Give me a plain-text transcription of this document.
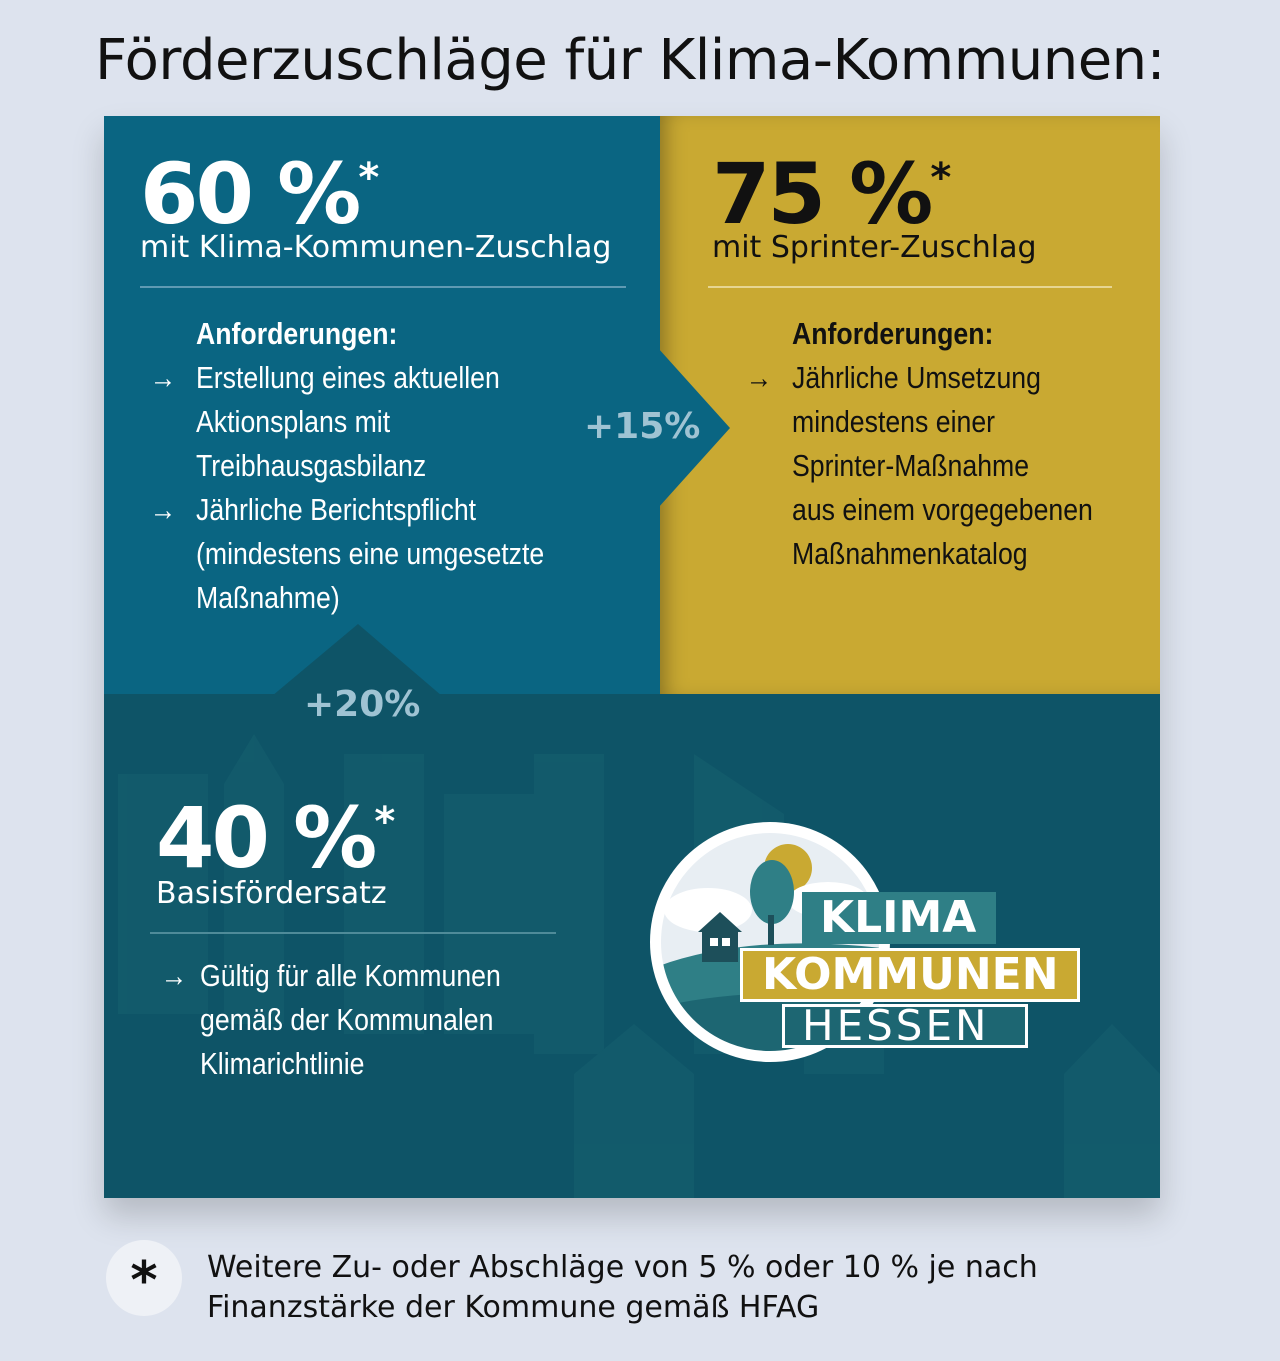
Förderzuschläge für Klima-Kommunen:
60 %*
mit Klima-Kommunen-Zuschlag
Anforderungen:
→ Erstellung eines aktuellen
Aktionsplans mit
Treibhausgasbilanz
→ Jährliche Berichtspflicht
(mindestens eine umgesetzte
Maßnahme)
+15%
75 %*
mit Sprinter-Zuschlag
Anforderungen:
→ Jährliche Umsetzung
mindestens einer
Sprinter-Maßnahme
aus einem vorgegebenen
Maßnahmenkatalog
+20%
40 %*
Basisfördersatz
→ Gültig für alle Kommunen
gemäß der Kommunalen
Klimarichtlinie
KLIMA
KOMMUNEN
HESSEN
*	Weitere Zu- oder Abschläge von 5 % oder 10 % je nach
Finanzstärke der Kommune gemäß HFAG
